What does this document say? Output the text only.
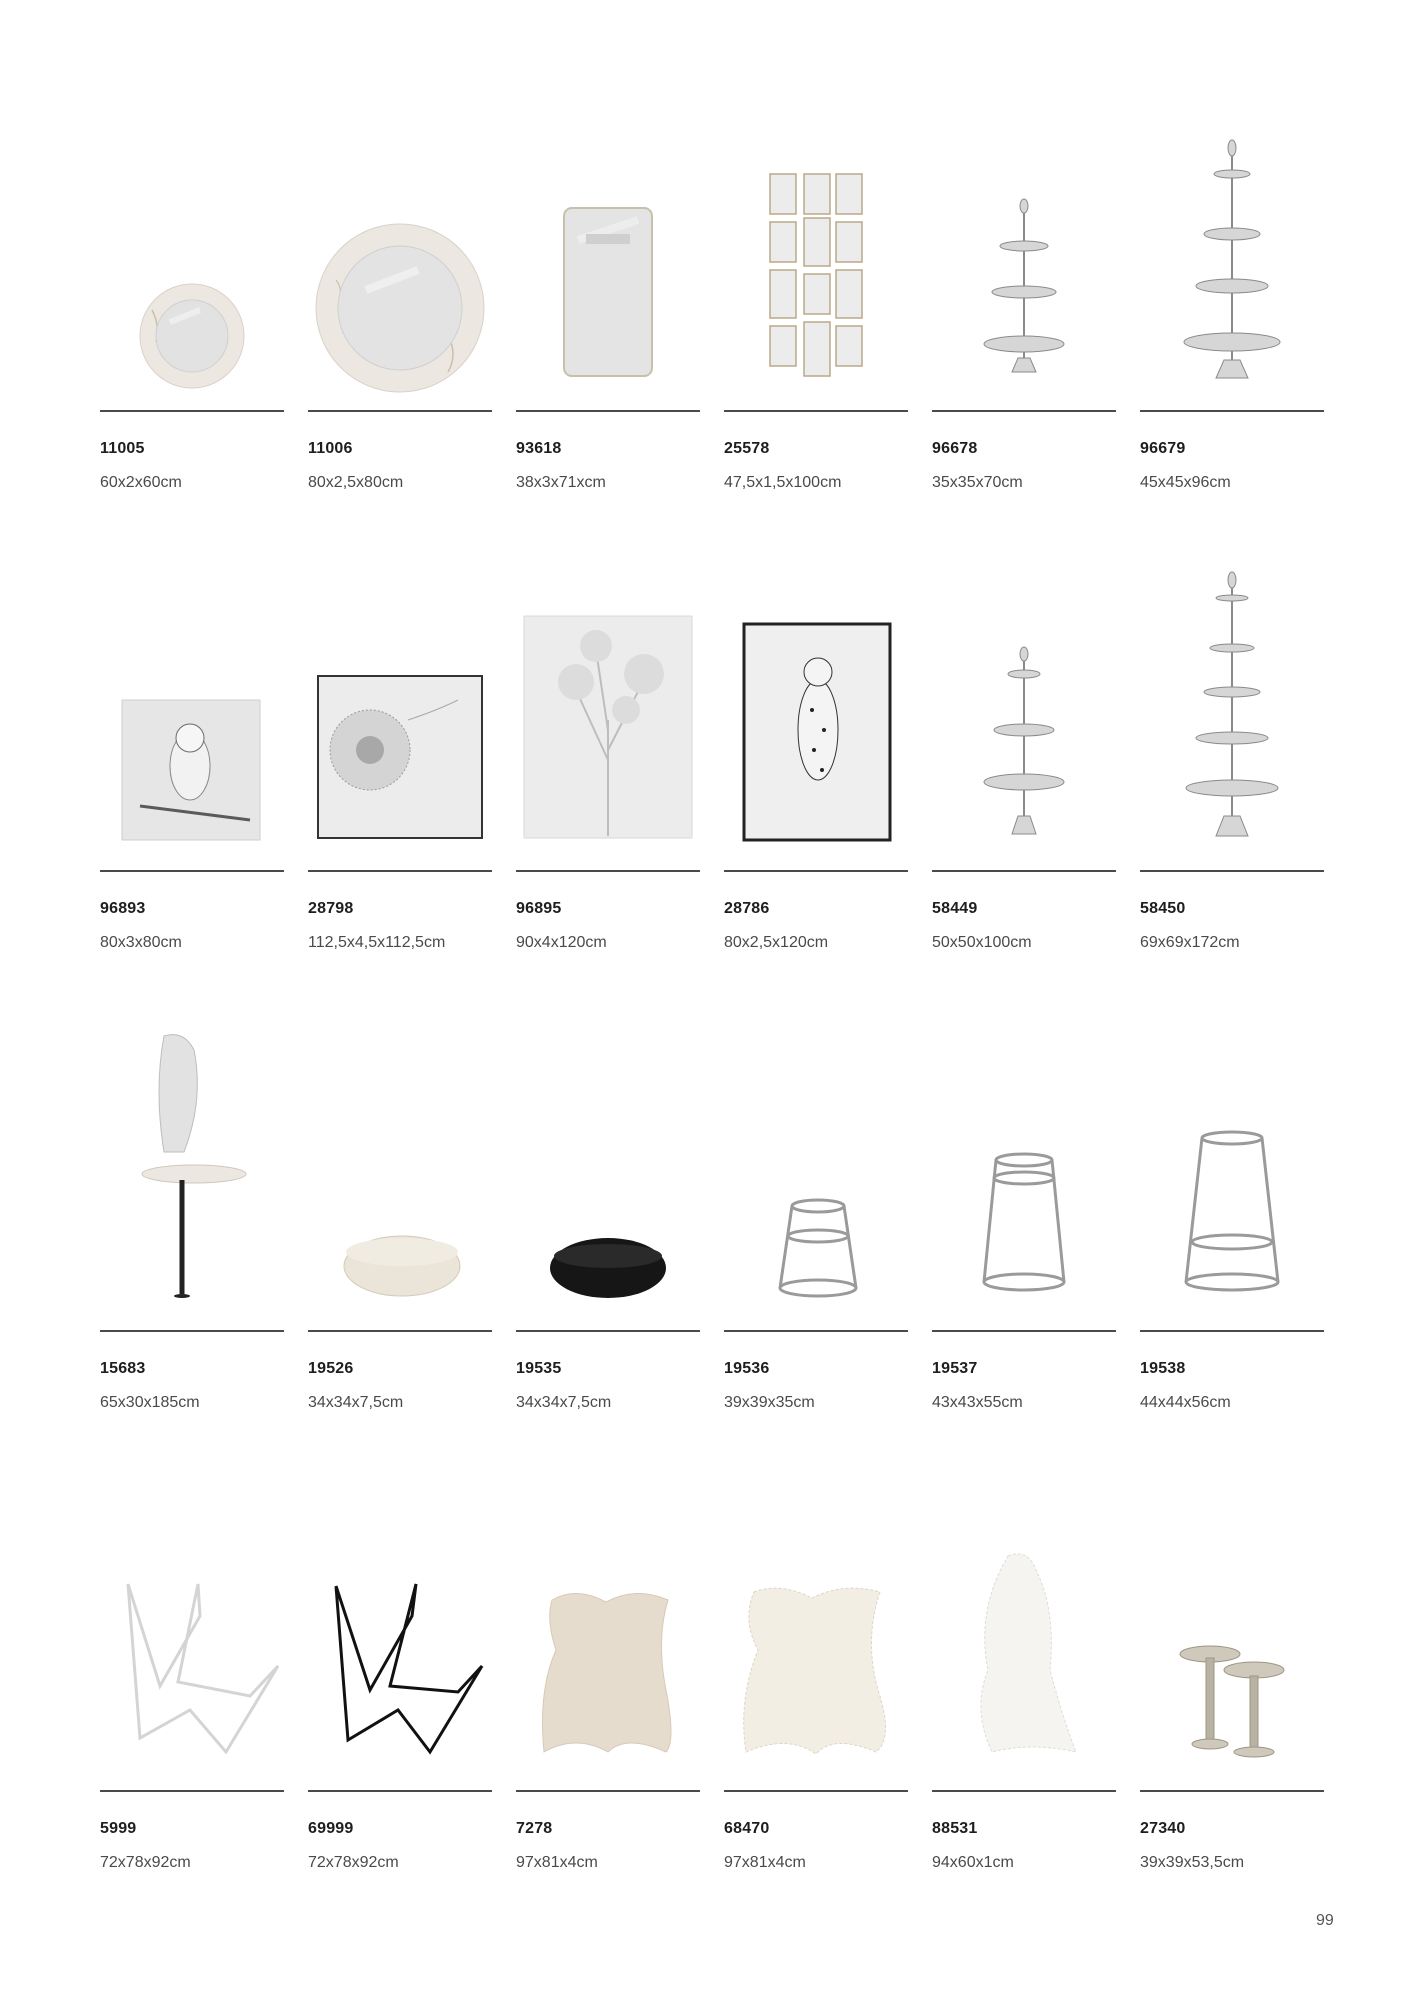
11005
60x2x60cm
11006
80x2,5x80cm
93618
38x3x71xcm
25578
47,5x1,5x100cm
96678
35x35x70cm
96679
45x45x96cm
96893
80x3x80cm
28798
112,5x4,5x112,5cm
96895
90x4x120cm
28786
80x2,5x120cm
58449
50x50x100cm
58450
69x69x172cm
15683
65x30x185cm
19526
34x34x7,5cm
19535
34x34x7,5cm
19536
39x39x35cm
19537
43x43x55cm
19538
44x44x56cm
5999
72x78x92cm
69999
72x78x92cm
7278
97x81x4cm
68470
97x81x4cm
88531
94x60x1cm
27340
39x39x53,5cm
99
